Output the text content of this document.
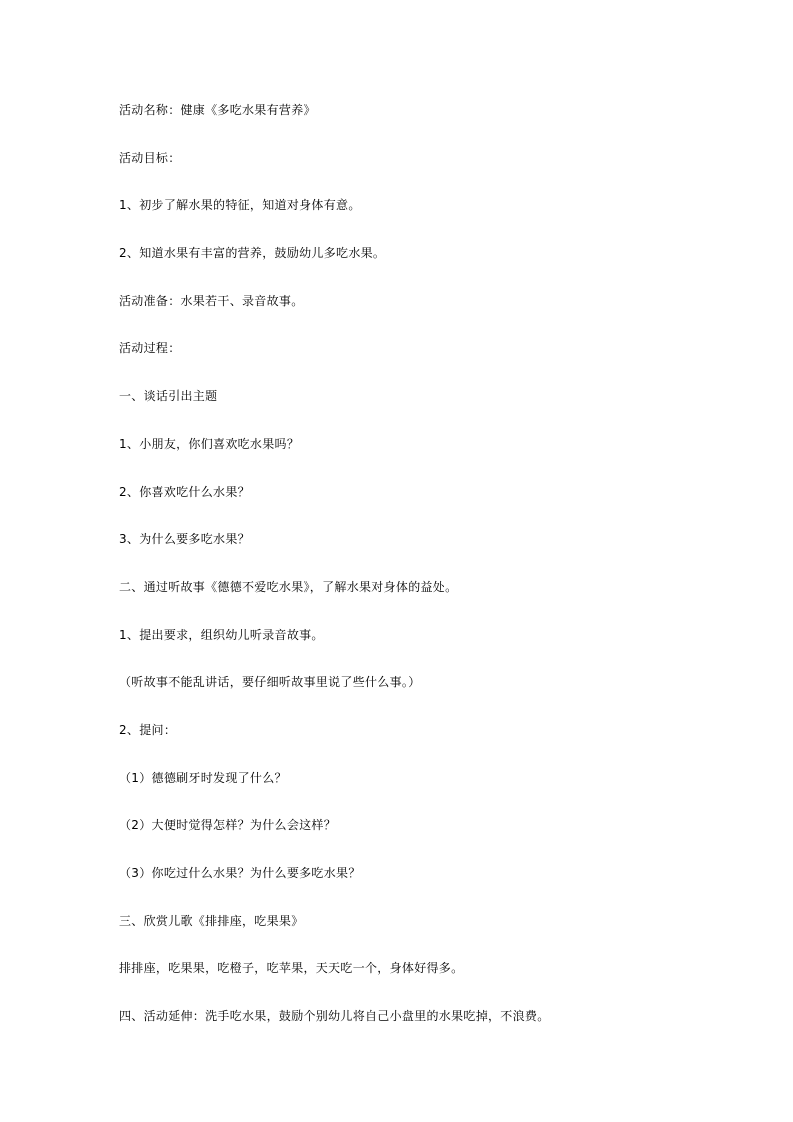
活动名称：健康《多吃水果有营养》

活动目标：

1、初步了解水果的特征，知道对身体有意。

2、知道水果有丰富的营养，鼓励幼儿多吃水果。

活动准备：水果若干、录音故事。

活动过程：

一、谈话引出主题

1、小朋友，你们喜欢吃水果吗？

2、你喜欢吃什么水果？

3、为什么要多吃水果？

二、通过听故事《德德不爱吃水果》，了解水果对身体的益处。

1、提出要求，组织幼儿听录音故事。

（听故事不能乱讲话，要仔细听故事里说了些什么事。）

2、提问：

（1）德德刷牙时发现了什么？

（2）大便时觉得怎样？为什么会这样？

（3）你吃过什么水果？为什么要多吃水果？

三、欣赏儿歌《排排座，吃果果》

排排座，吃果果，吃橙子，吃苹果，天天吃一个，身体好得多。

四、活动延伸：洗手吃水果，鼓励个别幼儿将自己小盘里的水果吃掉，不浪费。
